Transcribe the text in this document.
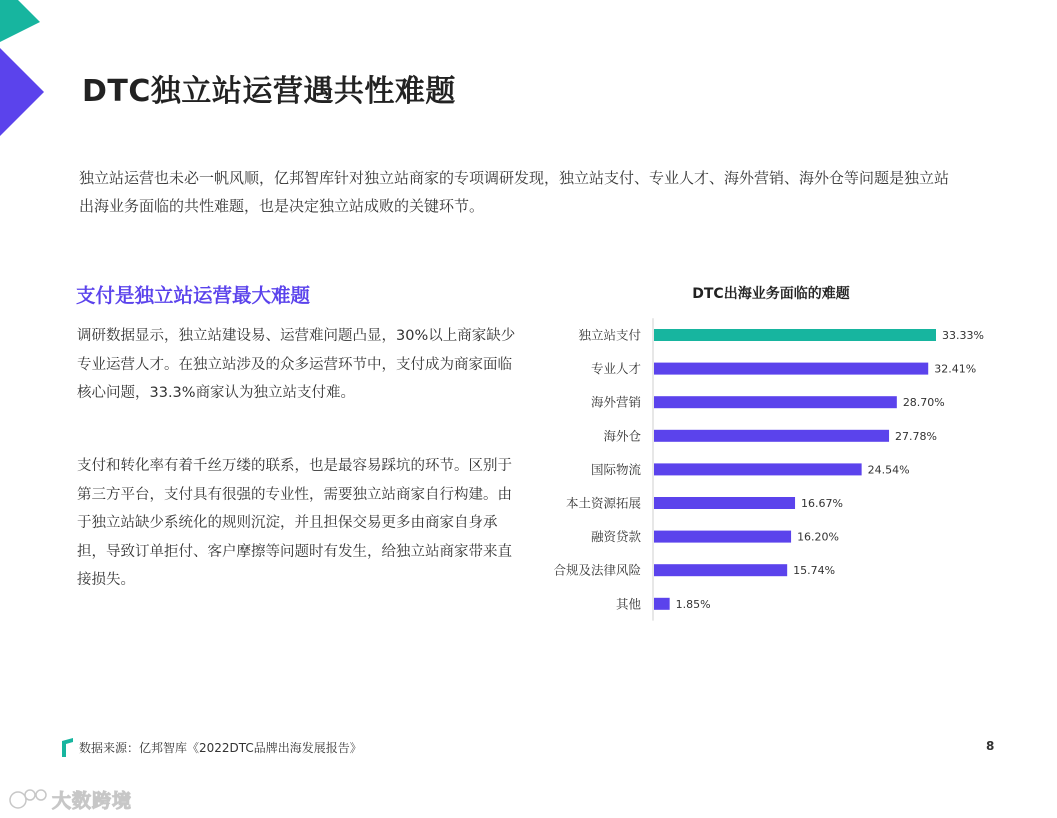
DTC独立站运营遇共性难题
独立站运营也未必一帆风顺，亿邦智库针对独立站商家的专项调研发现，独立站支付、专业人才、海外营销、海外仓等问题是独立站出海业务面临的共性难题，也是决定独立站成败的关键环节。
支付是独立站运营最大难题
调研数据显示，独立站建设易、运营难问题凸显，30%以上商家缺少专业运营人才。在独立站涉及的众多运营环节中，支付成为商家面临核心问题，33.3%商家认为独立站支付难。
支付和转化率有着千丝万缕的联系，也是最容易踩坑的环节。区别于第三方平台，支付具有很强的专业性，需要独立站商家自行构建。由于独立站缺少系统化的规则沉淀，并且担保交易更多由商家自身承担，导致订单拒付、客户摩擦等问题时有发生，给独立站商家带来直接损失。
DTC出海业务面临的难题
独立站支付	33.33%
专业人才	32.41%
海外营销	28.70%
海外仓	27.78%
国际物流	24.54%
本土资源拓展	16.67%
融资贷款	16.20%
合规及法律风险	15.74%
其他	1.85%
数据来源：亿邦智库《2022DTC品牌出海发展报告》	8
大数跨境
